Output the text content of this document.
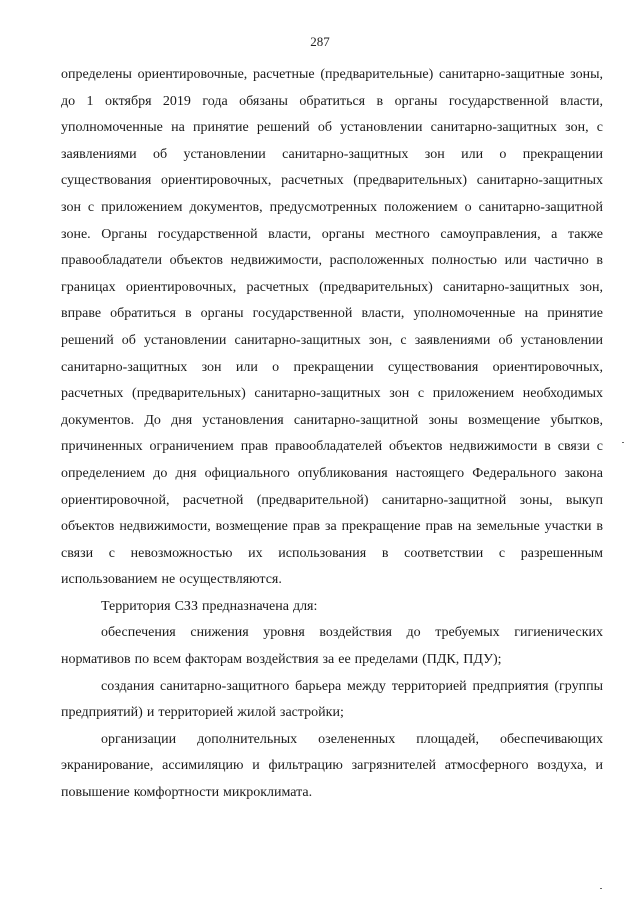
287

определены ориентировочные, расчетные (предварительные) санитарно-защитные зоны, до 1 октября 2019 года обязаны обратиться в органы государственной власти, уполномоченные на принятие решений об установлении санитарно-защитных зон, с заявлениями об установлении санитарно-защитных зон или о прекращении существования ориентировочных, расчетных (предварительных) санитарно-защитных зон с приложением документов, предусмотренных положением о санитарно-защитной зоне. Органы государственной власти, органы местного самоуправления, а также правообладатели объектов недвижимости, расположенных полностью или частично в границах ориентировочных, расчетных (предварительных) санитарно-защитных зон, вправе обратиться в органы государственной власти, уполномоченные на принятие решений об установлении санитарно-защитных зон, с заявлениями об установлении санитарно-защитных зон или о прекращении существования ориентировочных, расчетных (предварительных) санитарно-защитных зон с приложением необходимых документов. До дня установления санитарно-защитной зоны возмещение убытков, причиненных ограничением прав правообладателей объектов недвижимости в связи с определением до дня официального опубликования настоящего Федерального закона ориентировочной, расчетной (предварительной) санитарно-защитной зоны, выкуп объектов недвижимости, возмещение прав за прекращение прав на земельные участки в связи с невозможностью их использования в соответствии с разрешенным использованием не осуществляются.

Территория СЗЗ предназначена для:

обеспечения снижения уровня воздействия до требуемых гигиенических нормативов по всем факторам воздействия за ее пределами (ПДК, ПДУ);

создания санитарно-защитного барьера между территорией предприятия (группы предприятий) и территорией жилой застройки;

организации дополнительных озелененных площадей, обеспечивающих экранирование, ассимиляцию и фильтрацию загрязнителей атмосферного воздуха, и повышение комфортности микроклимата.
